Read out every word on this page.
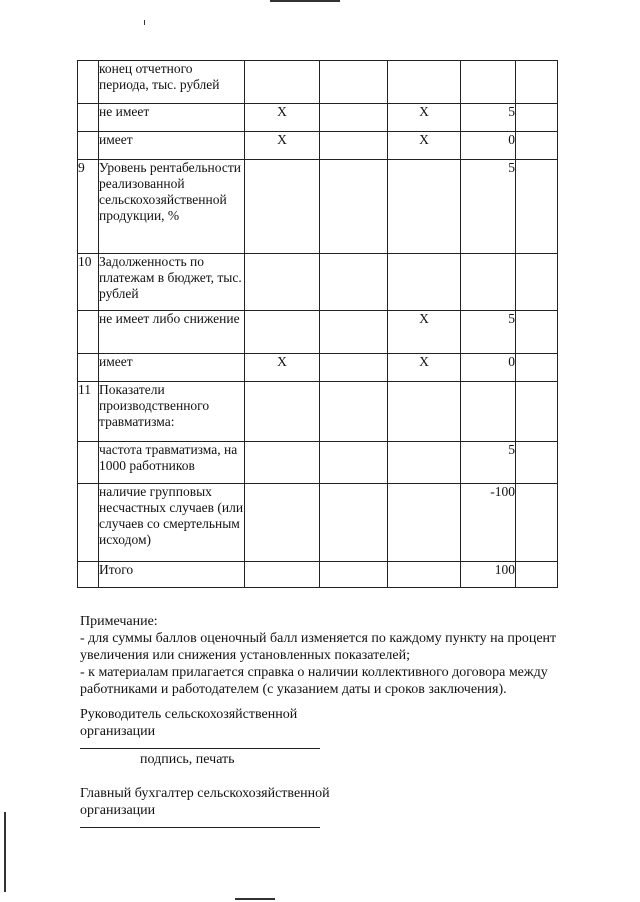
	конец отчетного периода, тыс. рублей					
	не имеет	X		X	5	
	имеет	X		X	0	
9	Уровень рентабельности реализованной сельскохозяйственной продукции, %				5	
10	Задолженность по платежам в бюджет, тыс. рублей					
	не имеет либо снижение			X	5	
	имеет	X		X	0	
11	Показатели производственного травматизма:					
	частота травматизма, на 1000 работников				5	
	наличие групповых несчастных случаев (или случаев со смертельным исходом)				-100	
	Итого				100	
Примечание:
- для суммы баллов оценочный балл изменяется по каждому пункту на процент
увеличения или снижения установленных показателей;
- к материалам прилагается справка о наличии коллективного договора между
работниками и работодателем (с указанием даты и сроков заключения).
Руководитель сельскохозяйственной
организации
подпись, печать
Главный бухгалтер сельскохозяйственной
организации
